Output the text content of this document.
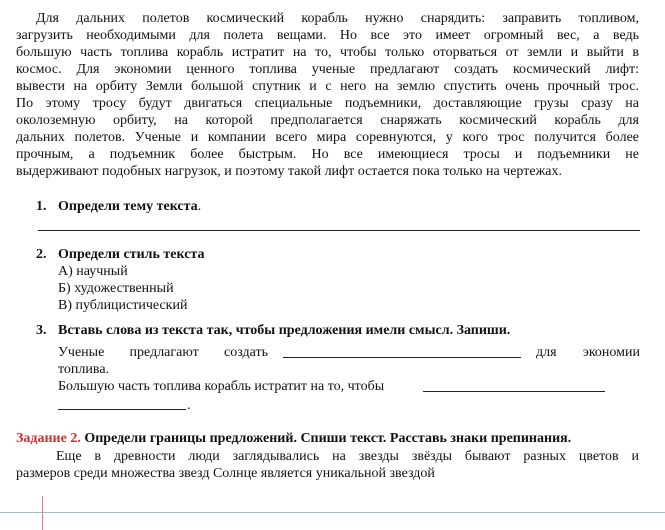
Для дальних полетов космический корабль нужно снарядить: заправить топливом,
загрузить необходимыми для полета вещами. Но все это имеет огромный вес, а ведь
большую часть топлива корабль истратит на то, чтобы только оторваться от земли и выйти в
космос. Для экономии ценного топлива ученые предлагают создать космический лифт:
вывести на орбиту Земли большой спутник и с него на землю спустить очень прочный трос.
По этому тросу будут двигаться специальные подъемники, доставляющие грузы сразу на
околоземную орбиту, на которой предполагается снаряжать космический корабль для
дальних полетов. Ученые и компании всего мира соревнуются, у кого трос получится более
прочным, а подъемник более быстрым. Но все имеющиеся тросы и подъемники не
выдерживают подобных нагрузок, и поэтому такой лифт остается пока только на чертежах.
1. Определи тему текста.
2. Определи стиль текста
А) научный
Б) художественный
В) публицистический
3. Вставь слова из текста так, чтобы предложения имели смысл. Запиши.
Ученые предлагают создать	для экономии
топлива.
Большую часть топлива корабль истратит на то, чтобы
.
Задание 2. Определи границы предложений. Спиши текст. Расставь знаки препинания.
Еще в древности люди заглядывались на звезды звёзды бывают разных цветов и
размеров среди множества звезд Солнце является уникальной звездой
